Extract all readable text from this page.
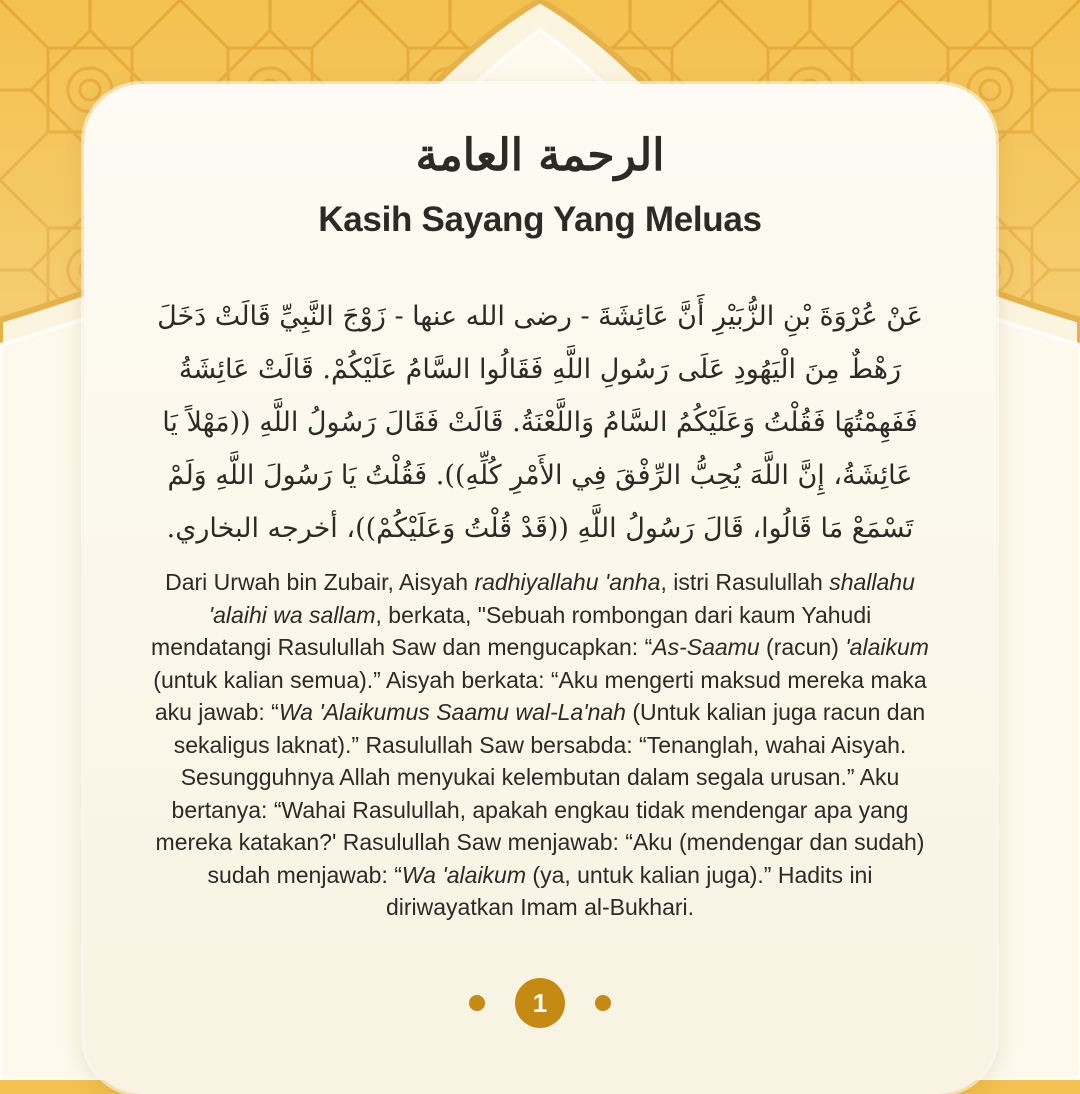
الرحمة العامة
Kasih Sayang Yang Meluas

عَنْ عُرْوَةَ بْنِ الزُّبَيْرِ أَنَّ عَائِشَةَ - رضى الله عنها - زَوْجَ النَّبِيِّ قَالَتْ دَخَلَ رَهْطٌ مِنَ الْيَهُودِ عَلَى رَسُولِ اللَّهِ فَقَالُوا السَّامُ عَلَيْكُمْ. قَالَتْ عَائِشَةُ فَفَهِمْتُهَا فَقُلْتُ وَعَلَيْكُمُ السَّامُ وَاللَّعْنَةُ. قَالَتْ فَقَالَ رَسُولُ اللَّهِ ((مَهْلاً يَا عَائِشَةُ، إِنَّ اللَّهَ يُحِبُّ الرِّفْقَ فِي الأَمْرِ كُلِّهِ)). فَقُلْتُ يَا رَسُولَ اللَّهِ وَلَمْ تَسْمَعْ مَا قَالُوا، قَالَ رَسُولُ اللَّهِ ((قَدْ قُلْتُ وَعَلَيْكُمْ))، أخرجه البخاري.

Dari Urwah bin Zubair, Aisyah radhiyallahu 'anha, istri Rasulullah shallahu 'alaihi wa sallam, berkata, "Sebuah rombongan dari kaum Yahudi mendatangi Rasulullah Saw dan mengucapkan: “As-Saamu (racun) 'alaikum (untuk kalian semua).” Aisyah berkata: “Aku mengerti maksud mereka maka aku jawab: “Wa 'Alaikumus Saamu wal-La'nah (Untuk kalian juga racun dan sekaligus laknat).” Rasulullah Saw bersabda: “Tenanglah, wahai Aisyah. Sesungguhnya Allah menyukai kelembutan dalam segala urusan.” Aku bertanya: “Wahai Rasulullah, apakah engkau tidak mendengar apa yang mereka katakan?' Rasulullah Saw menjawab: “Aku (mendengar dan sudah) sudah menjawab: “Wa 'alaikum (ya, untuk kalian juga).” Hadits ini diriwayatkan Imam al-Bukhari.

1
